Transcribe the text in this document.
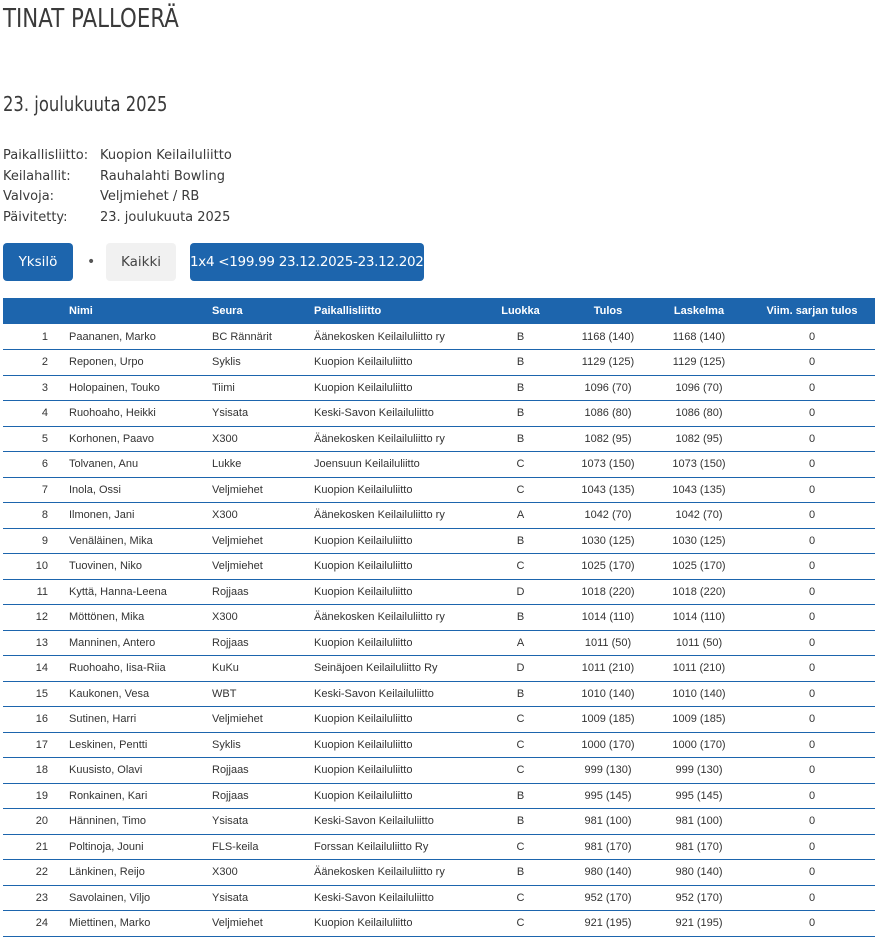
TINAT PALLOERÄ
23. joulukuuta 2025
Paikallisliitto: Kuopion Keilailuliitto
Keilahallit: Rauhalahti Bowling
Valvoja:	Veljmiehet / RB
Päivitetty: 23. joulukuuta 2025
Yksilö	•	Kaikki	1x4 <199.99 23.12.2025-23.12.2025
	Nimi	Seura	Paikallisliitto	Luokka	Tulos	Laskelma	Viim. sarjan tulos
1	Paananen, Marko	BC Rännärit	Äänekosken Keilailuliitto ry	B	1168 (140)	1168 (140)	0
2	Reponen, Urpo	Syklis	Kuopion Keilailuliitto	B	1129 (125)	1129 (125)	0
3	Holopainen, Touko	Tiimi	Kuopion Keilailuliitto	B	1096 (70)	1096 (70)	0
4	Ruohoaho, Heikki	Ysisata	Keski-Savon Keilailuliitto	B	1086 (80)	1086 (80)	0
5	Korhonen, Paavo	X300	Äänekosken Keilailuliitto ry	B	1082 (95)	1082 (95)	0
6	Tolvanen, Anu	Lukke	Joensuun Keilailuliitto	C	1073 (150)	1073 (150)	0
7	Inola, Ossi	Veljmiehet	Kuopion Keilailuliitto	C	1043 (135)	1043 (135)	0
8	Ilmonen, Jani	X300	Äänekosken Keilailuliitto ry	A	1042 (70)	1042 (70)	0
9	Venäläinen, Mika	Veljmiehet	Kuopion Keilailuliitto	B	1030 (125)	1030 (125)	0
10	Tuovinen, Niko	Veljmiehet	Kuopion Keilailuliitto	C	1025 (170)	1025 (170)	0
11	Kyttä, Hanna-Leena	Rojjaas	Kuopion Keilailuliitto	D	1018 (220)	1018 (220)	0
12	Möttönen, Mika	X300	Äänekosken Keilailuliitto ry	B	1014 (110)	1014 (110)	0
13	Manninen, Antero	Rojjaas	Kuopion Keilailuliitto	A	1011 (50)	1011 (50)	0
14	Ruohoaho, Iisa-Riia	KuKu	Seinäjoen Keilailuliitto Ry	D	1011 (210)	1011 (210)	0
15	Kaukonen, Vesa	WBT	Keski-Savon Keilailuliitto	B	1010 (140)	1010 (140)	0
16	Sutinen, Harri	Veljmiehet	Kuopion Keilailuliitto	C	1009 (185)	1009 (185)	0
17	Leskinen, Pentti	Syklis	Kuopion Keilailuliitto	C	1000 (170)	1000 (170)	0
18	Kuusisto, Olavi	Rojjaas	Kuopion Keilailuliitto	C	999 (130)	999 (130)	0
19	Ronkainen, Kari	Rojjaas	Kuopion Keilailuliitto	B	995 (145)	995 (145)	0
20	Hänninen, Timo	Ysisata	Keski-Savon Keilailuliitto	B	981 (100)	981 (100)	0
21	Poltinoja, Jouni	FLS-keila	Forssan Keilailuliitto Ry	C	981 (170)	981 (170)	0
22	Länkinen, Reijo	X300	Äänekosken Keilailuliitto ry	B	980 (140)	980 (140)	0
23	Savolainen, Viljo	Ysisata	Keski-Savon Keilailuliitto	C	952 (170)	952 (170)	0
24	Miettinen, Marko	Veljmiehet	Kuopion Keilailuliitto	C	921 (195)	921 (195)	0
